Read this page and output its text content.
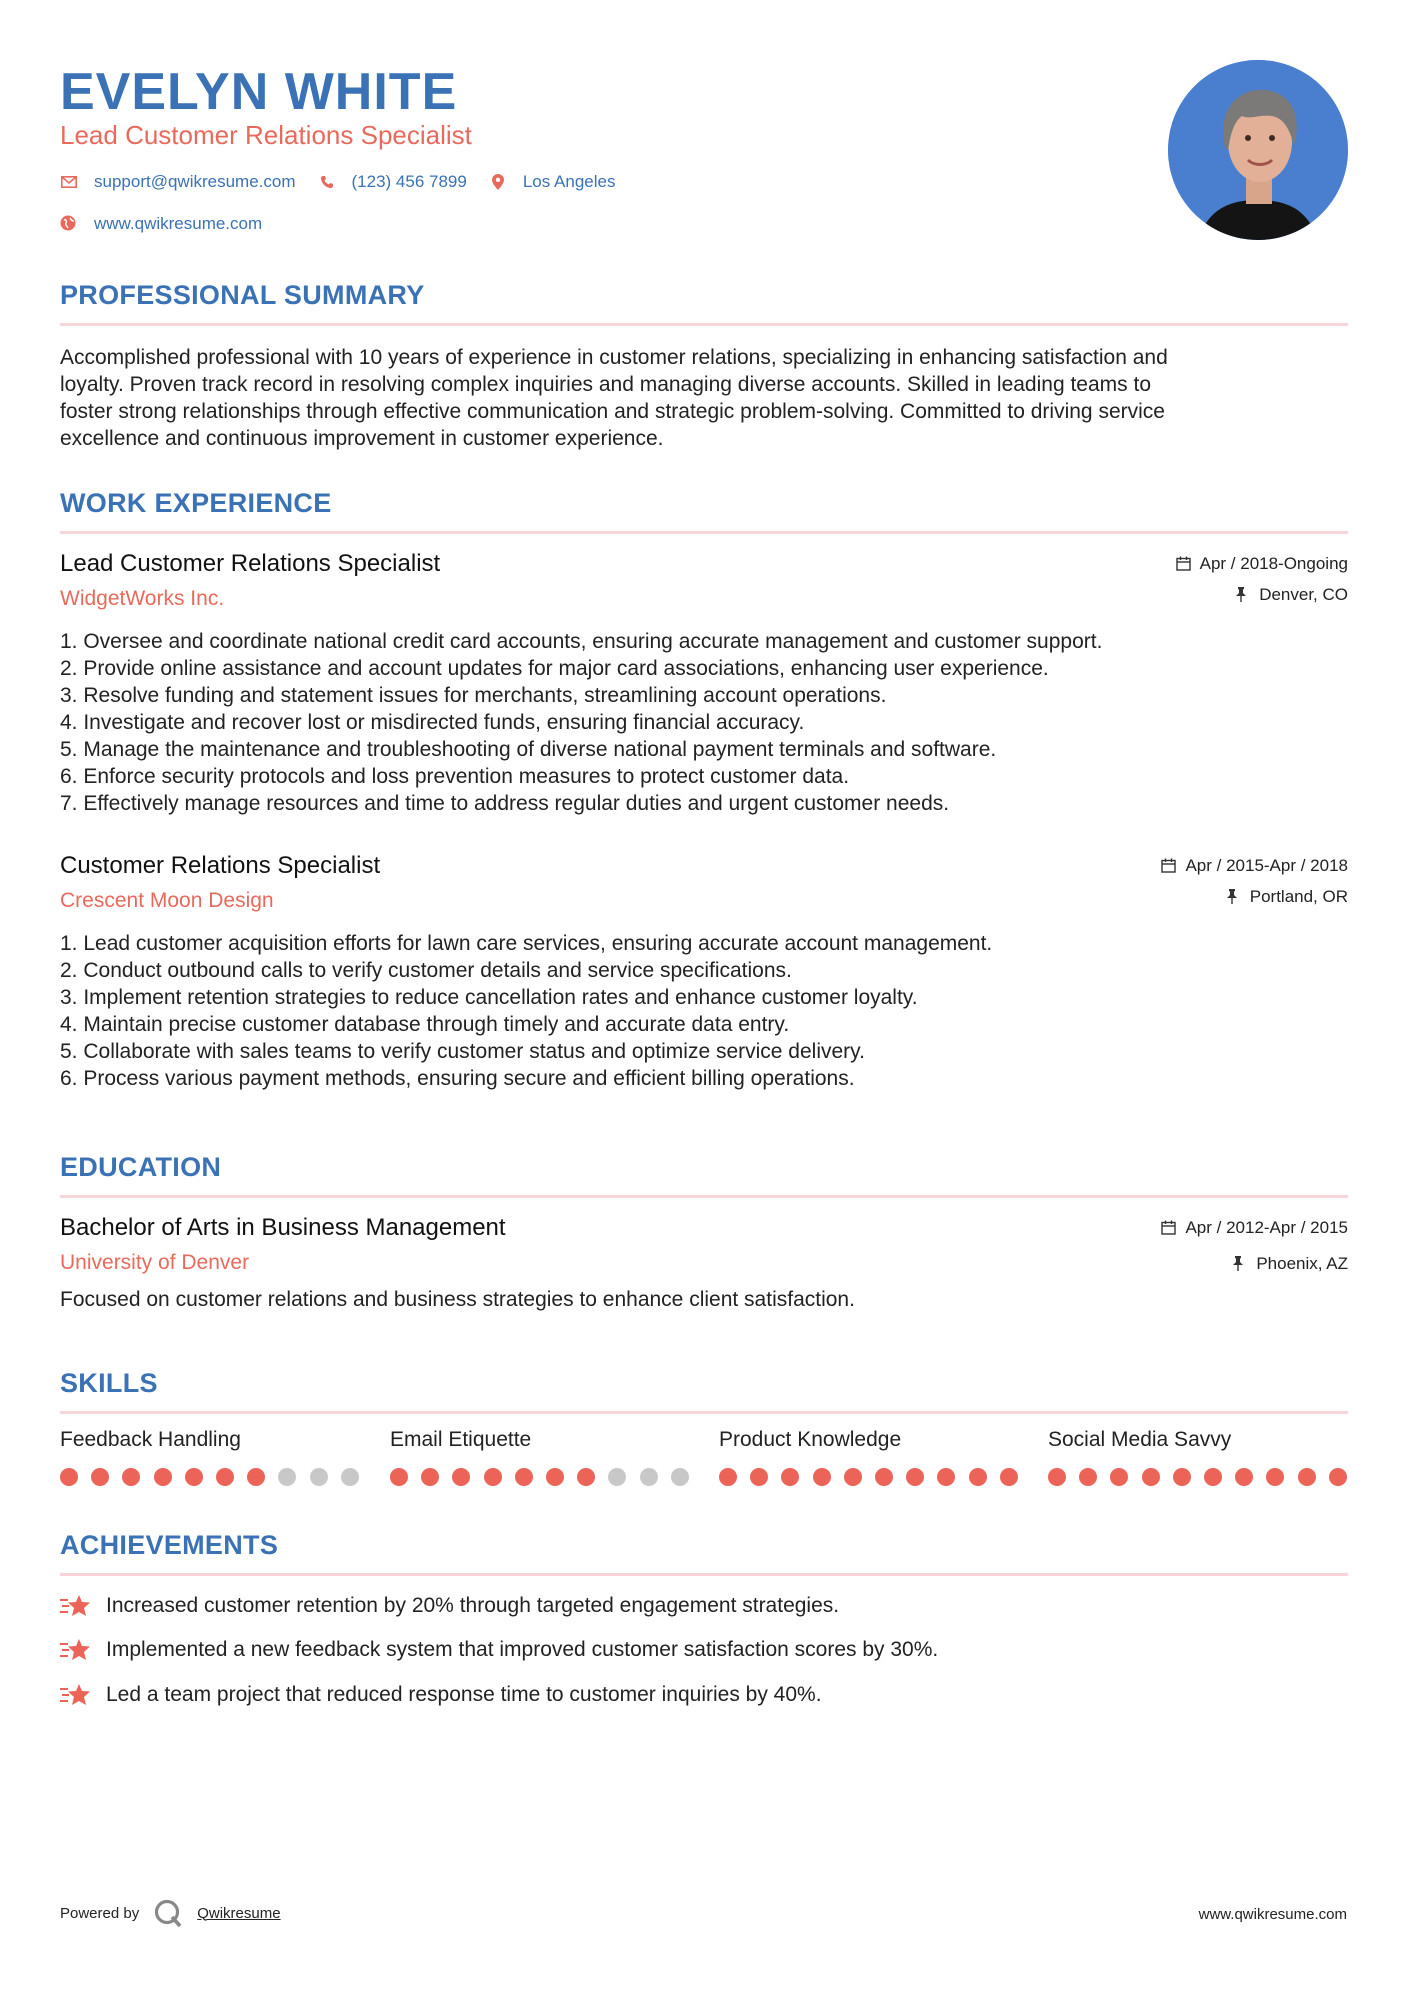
EVELYN WHITE
Lead Customer Relations Specialist
support@qwikresume.com	(123) 456 7899	Los Angeles
www.qwikresume.com
PROFESSIONAL SUMMARY
Accomplished professional with 10 years of experience in customer relations, specializing in enhancing satisfaction and
loyalty. Proven track record in resolving complex inquiries and managing diverse accounts. Skilled in leading teams to
foster strong relationships through effective communication and strategic problem-solving. Committed to driving service
excellence and continuous improvement in customer experience.
WORK EXPERIENCE
Lead Customer Relations Specialist
WidgetWorks Inc.
Apr / 2018-Ongoing
Denver, CO
1. Oversee and coordinate national credit card accounts, ensuring accurate management and customer support.
2. Provide online assistance and account updates for major card associations, enhancing user experience.
3. Resolve funding and statement issues for merchants, streamlining account operations.
4. Investigate and recover lost or misdirected funds, ensuring financial accuracy.
5. Manage the maintenance and troubleshooting of diverse national payment terminals and software.
6. Enforce security protocols and loss prevention measures to protect customer data.
7. Effectively manage resources and time to address regular duties and urgent customer needs.
Customer Relations Specialist
Crescent Moon Design
Apr / 2015-Apr / 2018
Portland, OR
1. Lead customer acquisition efforts for lawn care services, ensuring accurate account management.
2. Conduct outbound calls to verify customer details and service specifications.
3. Implement retention strategies to reduce cancellation rates and enhance customer loyalty.
4. Maintain precise customer database through timely and accurate data entry.
5. Collaborate with sales teams to verify customer status and optimize service delivery.
6. Process various payment methods, ensuring secure and efficient billing operations.
EDUCATION
Bachelor of Arts in Business Management
University of Denver
Apr / 2012-Apr / 2015
Phoenix, AZ
Focused on customer relations and business strategies to enhance client satisfaction.
SKILLS
Feedback Handling	Email Etiquette	Product Knowledge	Social Media Savvy
ACHIEVEMENTS
Increased customer retention by 20% through targeted engagement strategies.
Implemented a new feedback system that improved customer satisfaction scores by 30%.
Led a team project that reduced response time to customer inquiries by 40%.
Powered by	Qwikresume	www.qwikresume.com
